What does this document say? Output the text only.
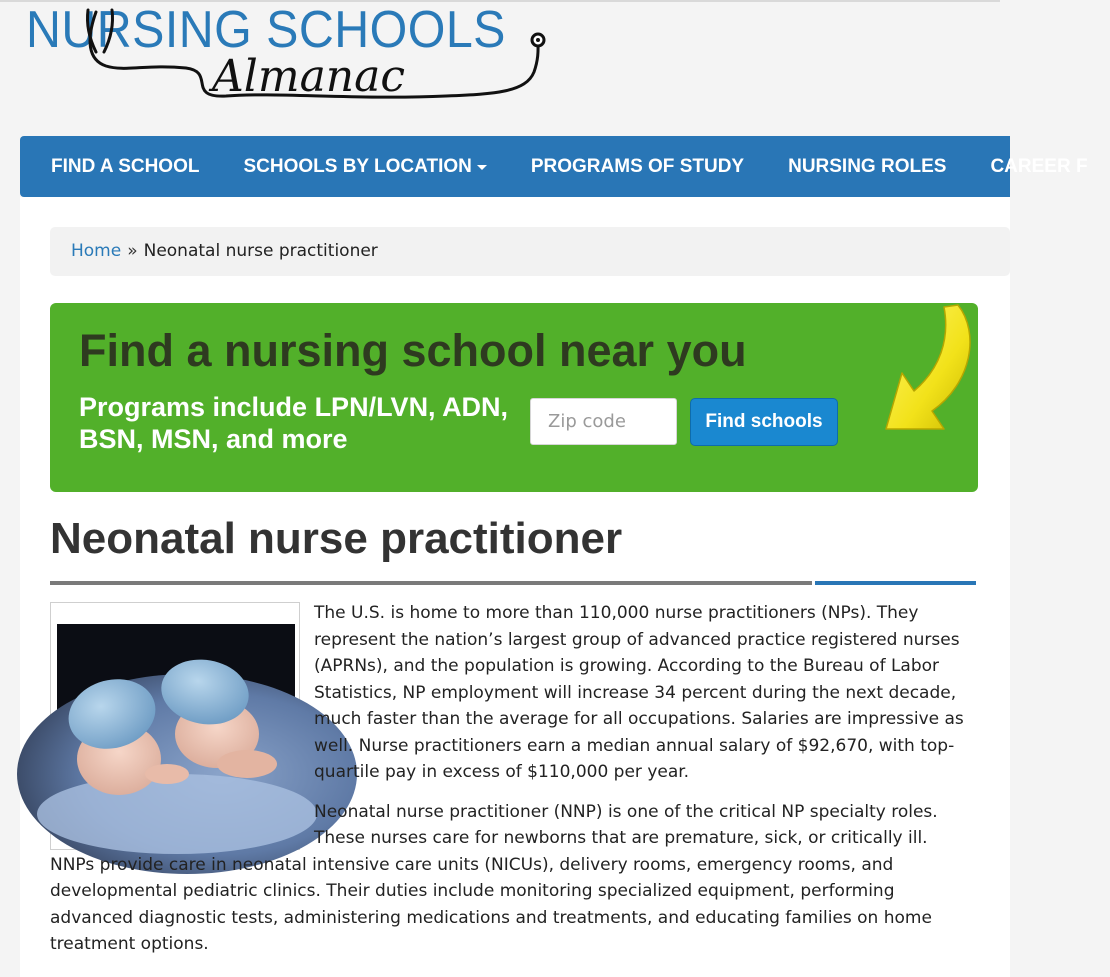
NURSING SCHOOLS
Almanac
FIND A SCHOOL SCHOOLS BY LOCATION	PROGRAMS OF STUDY NURSING ROLES CAREER F
Home » Neonatal nurse practitioner
Find a nursing school near you
Programs include LPN/LVN, ADN, BSN, MSN, and more
Zip code
Find schools
Neonatal nurse practitioner

The U.S. is home to more than 110,000 nurse practitioners (NPs). They represent the nation’s largest group of advanced practice registered nurses (APRNs), and the population is growing. According to the Bureau of Labor Statistics, NP employment will increase 34 percent during the next decade, much faster than the average for all occupations. Salaries are impressive as well. Nurse practitioners earn a median annual salary of $92,670, with top-quartile pay in excess of $110,000 per year.

Neonatal nurse practitioner (NNP) is one of the critical NP specialty roles. These nurses care for newborns that are premature, sick, or critically ill. NNPs provide care in neonatal intensive care units (NICUs), delivery rooms, emergency rooms, and developmental pediatric clinics. Their duties include monitoring specialized equipment, performing advanced diagnostic tests, administering medications and treatments, and educating families on home treatment options.
